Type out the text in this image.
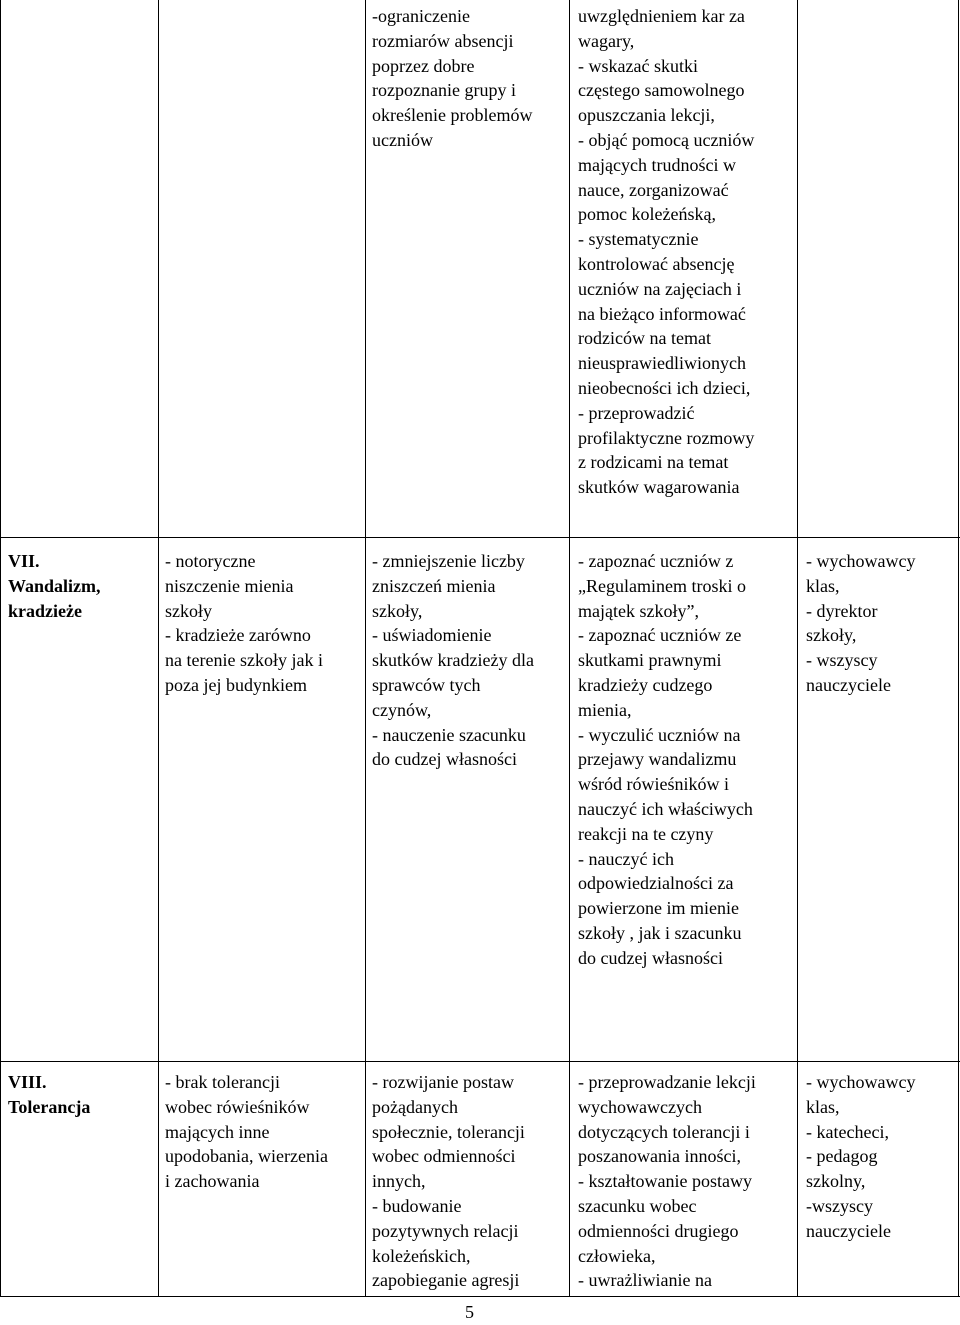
-ograniczenie
rozmiarów absencji
poprzez dobre
rozpoznanie grupy i
określenie problemów
uczniów
uwzględnieniem kar za
wagary,
- wskazać skutki
częstego samowolnego
opuszczania lekcji,
- objąć pomocą uczniów
mających trudności w
nauce, zorganizować
pomoc koleżeńską,
- systematycznie
kontrolować absencję
uczniów na zajęciach i
na bieżąco informować
rodziców na temat
nieusprawiedliwionych
nieobecności ich dzieci,
- przeprowadzić
profilaktyczne rozmowy
z rodzicami na temat
skutków wagarowania
VII.
Wandalizm,
kradzieże
- notoryczne
niszczenie mienia
szkoły
- kradzieże zarówno
na terenie szkoły jak i
poza jej budynkiem
- zmniejszenie liczby
zniszczeń mienia
szkoły,
- uświadomienie
skutków kradzieży dla
sprawców tych
czynów,
- nauczenie szacunku
do cudzej własności
- zapoznać uczniów z
„Regulaminem troski o
majątek szkoły”,
- zapoznać uczniów ze
skutkami prawnymi
kradzieży cudzego
mienia,
- wyczulić uczniów na
przejawy wandalizmu
wśród rówieśników i
nauczyć ich właściwych
reakcji na te czyny
- nauczyć ich
odpowiedzialności za
powierzone im mienie
szkoły , jak i szacunku
do cudzej własności
- wychowawcy
klas,
- dyrektor
szkoły,
- wszyscy
nauczyciele
VIII.
Tolerancja
- brak tolerancji
wobec rówieśników
mających inne
upodobania, wierzenia
i zachowania
- rozwijanie postaw
pożądanych
społecznie, tolerancji
wobec odmienności
innych,
- budowanie
pozytywnych relacji
koleżeńskich,
zapobieganie agresji
- przeprowadzanie lekcji
wychowawczych
dotyczących tolerancji i
poszanowania inności,
- kształtowanie postawy
szacunku wobec
odmienności drugiego
człowieka,
- uwrażliwianie na
- wychowawcy
klas,
- katecheci,
- pedagog
szkolny,
-wszyscy
nauczyciele
5
